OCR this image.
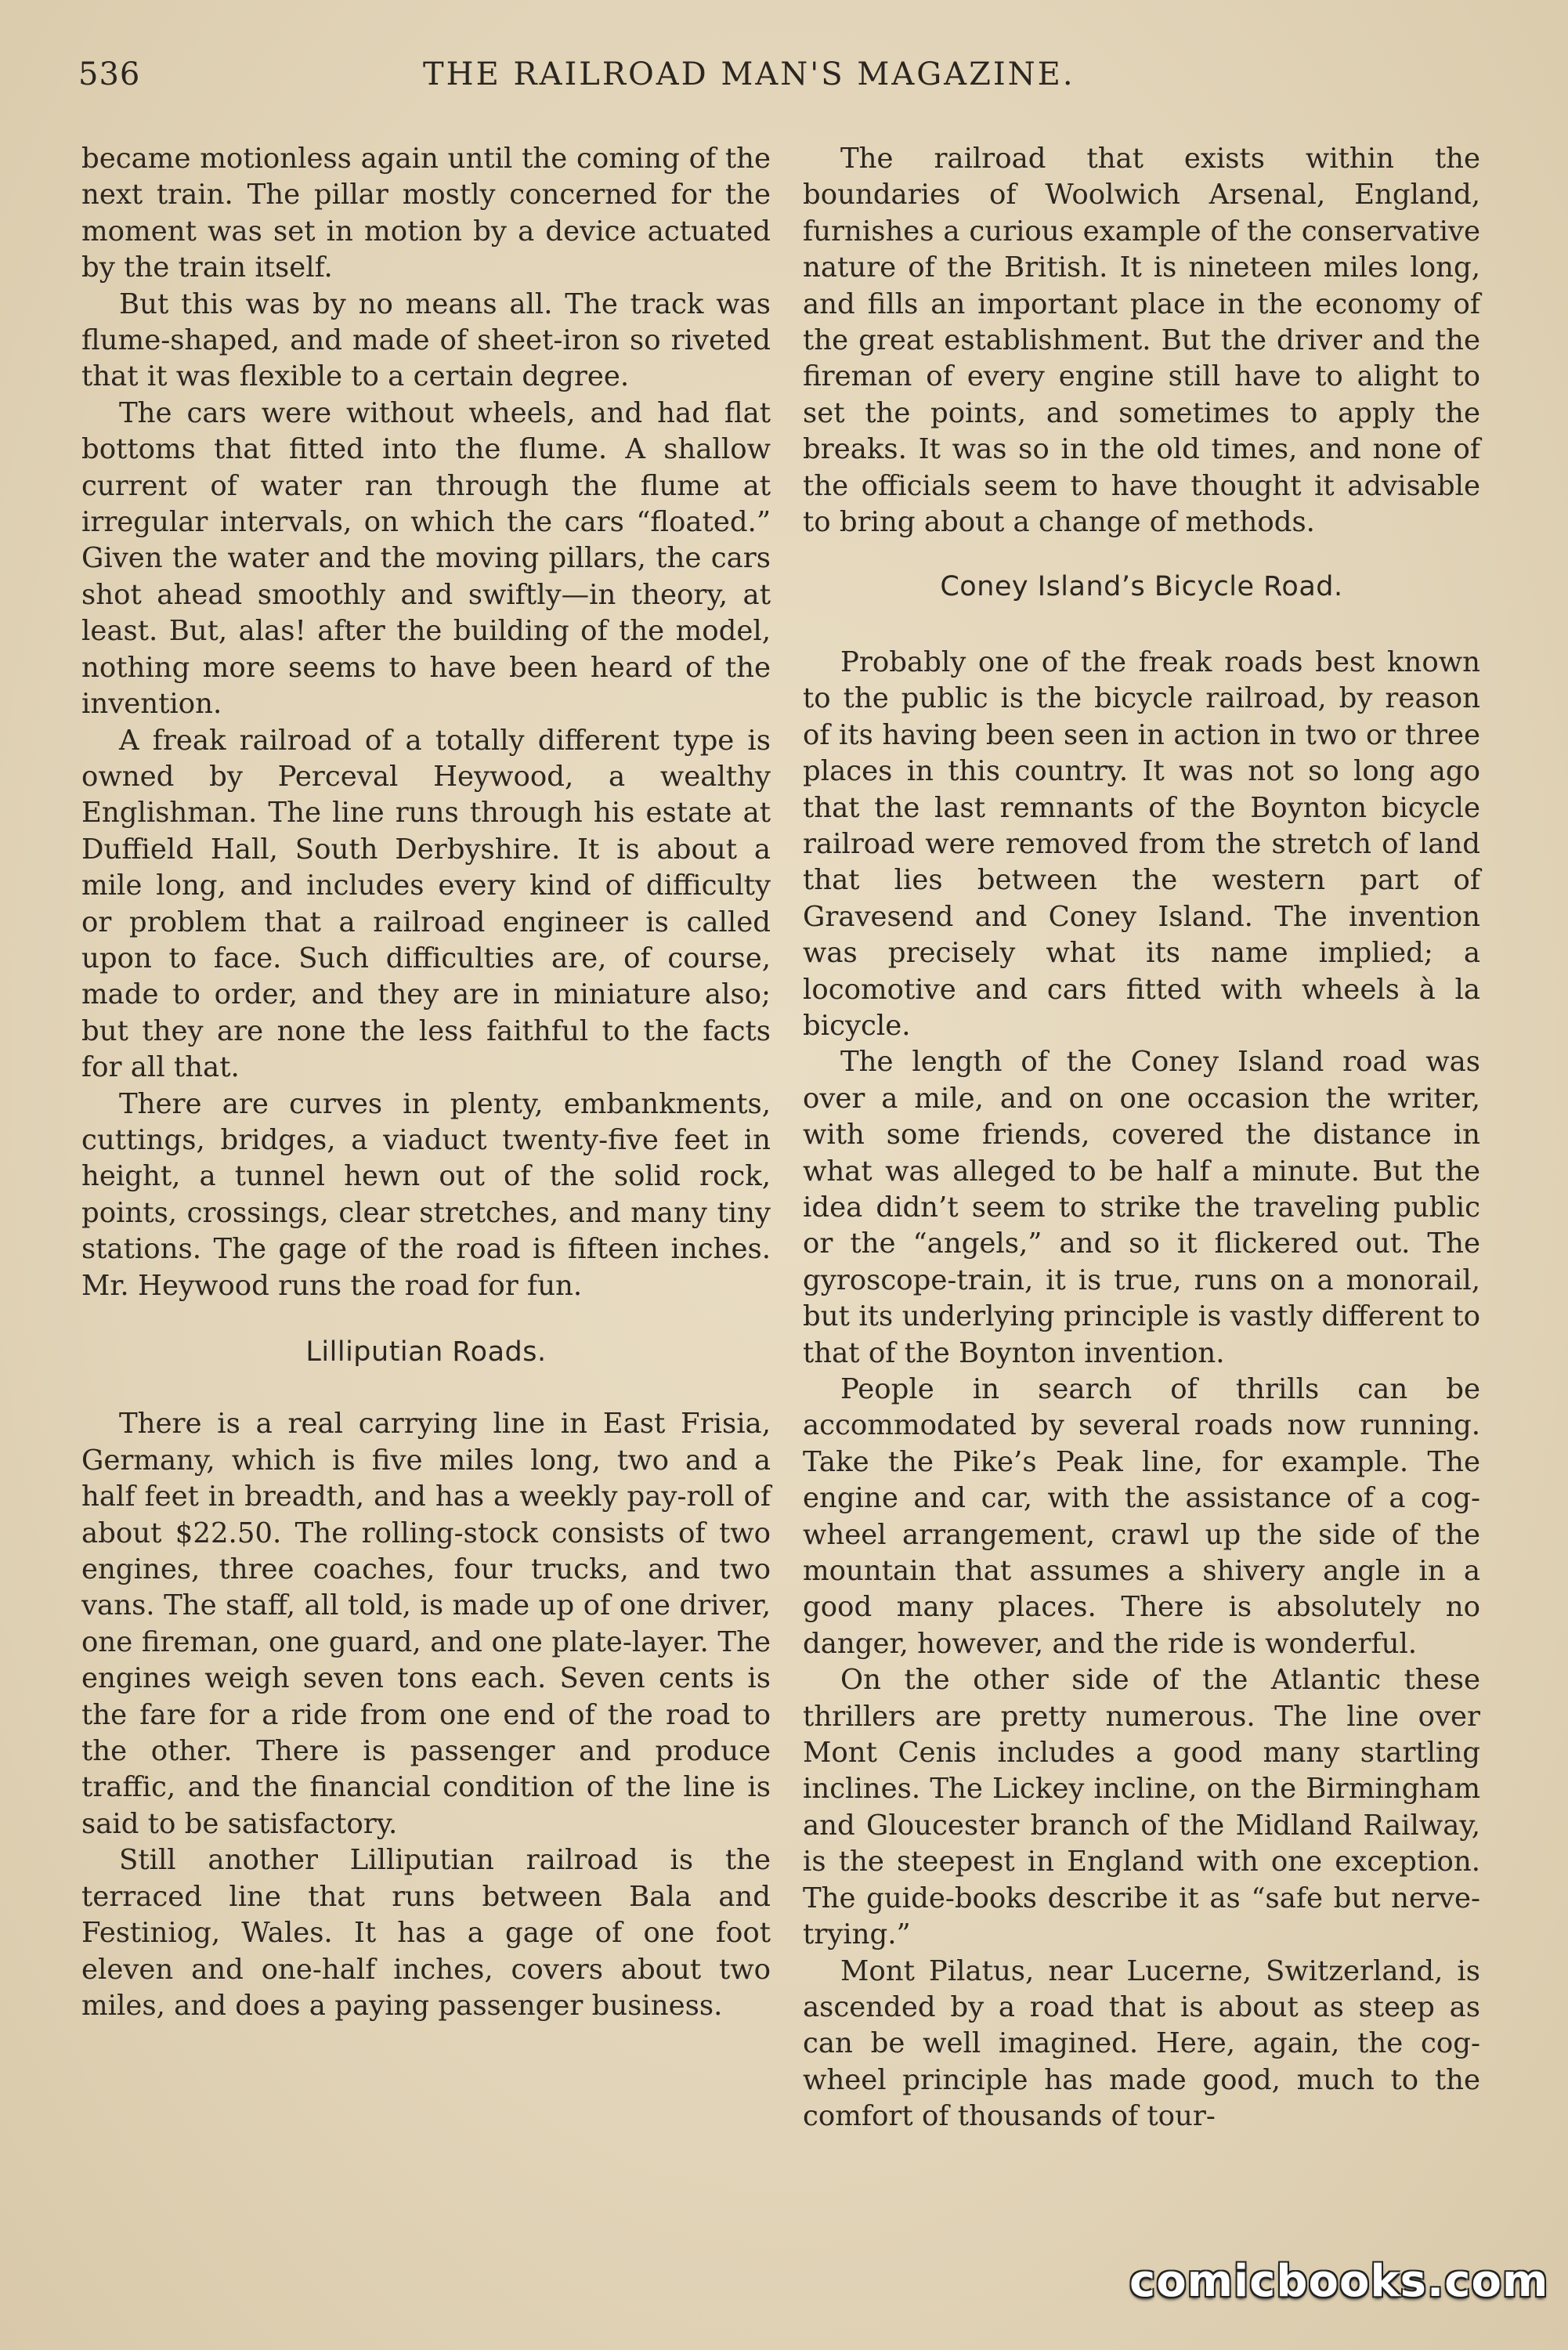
536	THE RAILROAD MAN'S MAGAZINE.

became motionless again until the coming of the next train. The pillar mostly concerned for the moment was set in motion by a device actuated by the train itself.

But this was by no means all. The track was flume-shaped, and made of sheet-iron so riveted that it was flexible to a certain degree.

The cars were without wheels, and had flat bottoms that fitted into the flume. A shallow current of water ran through the flume at irregular intervals, on which the cars “floated.” Given the water and the moving pillars, the cars shot ahead smoothly and swiftly—in theory, at least. But, alas! after the building of the model, nothing more seems to have been heard of the invention.

A freak railroad of a totally different type is owned by Perceval Heywood, a wealthy Englishman. The line runs through his estate at Duffield Hall, South Derbyshire. It is about a mile long, and includes every kind of difficulty or problem that a railroad engineer is called upon to face. Such difficulties are, of course, made to order, and they are in miniature also; but they are none the less faithful to the facts for all that.

There are curves in plenty, embankments, cuttings, bridges, a viaduct twenty-five feet in height, a tunnel hewn out of the solid rock, points, crossings, clear stretches, and many tiny stations. The gage of the road is fifteen inches. Mr. Heywood runs the road for fun.

Lilliputian Roads.

There is a real carrying line in East Frisia, Germany, which is five miles long, two and a half feet in breadth, and has a weekly pay-roll of about $22.50. The rolling-stock consists of two engines, three coaches, four trucks, and two vans. The staff, all told, is made up of one driver, one fireman, one guard, and one plate-layer. The engines weigh seven tons each. Seven cents is the fare for a ride from one end of the road to the other. There is passenger and produce traffic, and the financial condition of the line is said to be satisfactory.

Still another Lilliputian railroad is the terraced line that runs between Bala and Festiniog, Wales. It has a gage of one foot eleven and one-half inches, covers about two miles, and does a paying passenger business.

The railroad that exists within the boundaries of Woolwich Arsenal, England, furnishes a curious example of the conservative nature of the British. It is nineteen miles long, and fills an important place in the economy of the great establishment. But the driver and the fireman of every engine still have to alight to set the points, and sometimes to apply the breaks. It was so in the old times, and none of the officials seem to have thought it advisable to bring about a change of methods.

Coney Island’s Bicycle Road.

Probably one of the freak roads best known to the public is the bicycle railroad, by reason of its having been seen in action in two or three places in this country. It was not so long ago that the last remnants of the Boynton bicycle railroad were removed from the stretch of land that lies between the western part of Gravesend and Coney Island. The invention was precisely what its name implied; a locomotive and cars fitted with wheels à la bicycle.

The length of the Coney Island road was over a mile, and on one occasion the writer, with some friends, covered the distance in what was alleged to be half a minute. But the idea didn’t seem to strike the traveling public or the “angels,” and so it flickered out. The gyroscope-train, it is true, runs on a monorail, but its underlying principle is vastly different to that of the Boynton invention.

People in search of thrills can be accommodated by several roads now running. Take the Pike’s Peak line, for example. The engine and car, with the assistance of a cog-wheel arrangement, crawl up the side of the mountain that assumes a shivery angle in a good many places. There is absolutely no danger, however, and the ride is wonderful.

On the other side of the Atlantic these thrillers are pretty numerous. The line over Mont Cenis includes a good many startling inclines. The Lickey incline, on the Birmingham and Gloucester branch of the Midland Railway, is the steepest in England with one exception. The guide-books describe it as “safe but nerve-trying.”

Mont Pilatus, near Lucerne, Switzerland, is ascended by a road that is about as steep as can be well imagined. Here, again, the cog-wheel principle has made good, much to the comfort of thousands of tour-

comicbooks.com
